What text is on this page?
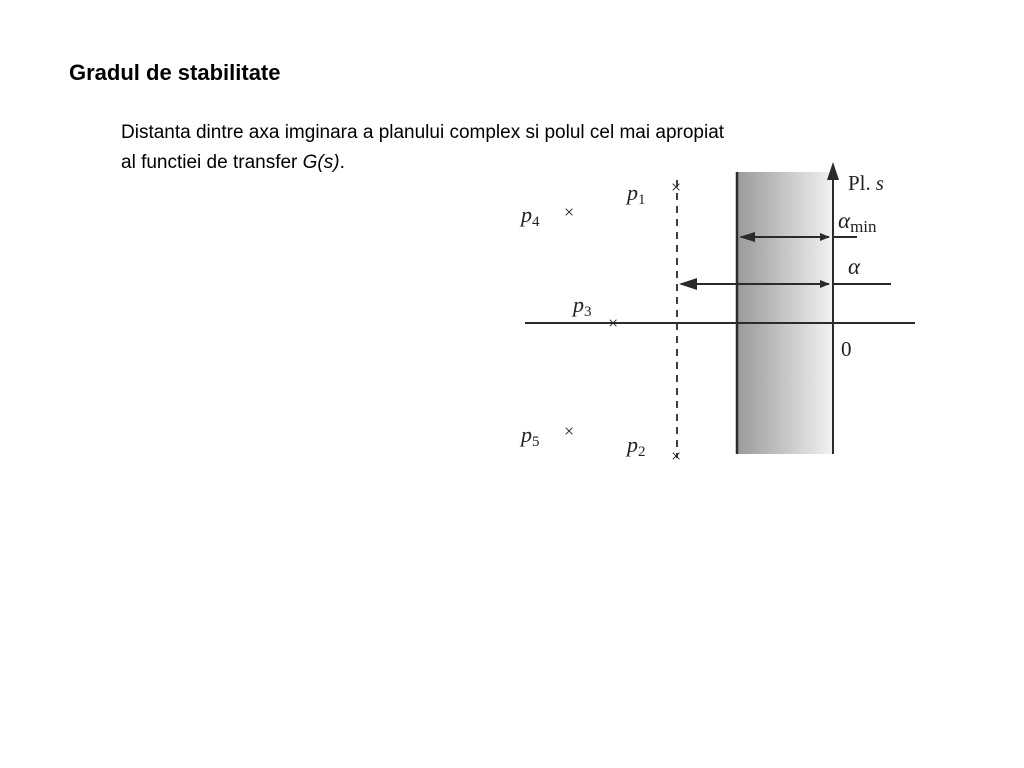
Gradul de stabilitate
Distanta dintre axa imginara a planului complex si polul cel mai apropiat
al functiei de transfer G(s).
×
×
×
×
×
p1
p2
p3
p4
p5
Pl. s
αmin
α
0
